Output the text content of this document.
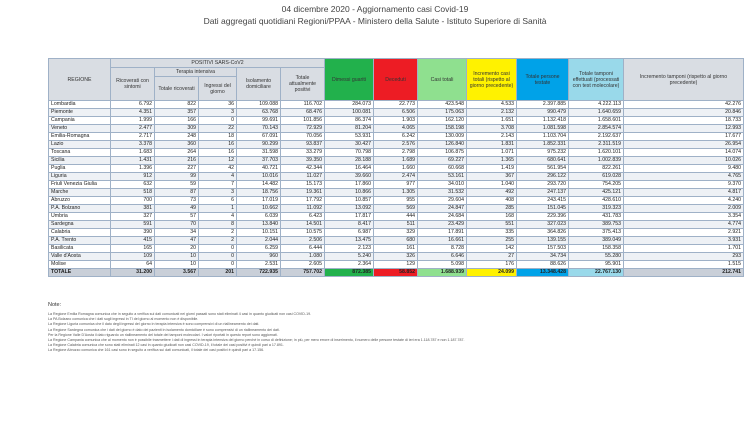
04 dicembre 2020 - Aggiornamento casi Covid-19
Dati aggregati quotidiani Regioni/PPAA - Ministero della Salute - Istituto Superiore di Sanità
REGIONE	POSITIVI SARS-CoV2					Dimessi guariti	Deceduti	Casi totali	Incremento casi totali (rispetto al giorno precedente)	Totale persone testate	Totale tamponi effettuati (processati con test molecolare)	Incremento tamponi (rispetto al giorno precedente)
	Ricoverati con sintomi	Terapia intensiva		Isolamento domiciliare	Totale attualmente positivi							
		Totale ricoverati	Ingressi del giorno									
Lombardia	6.792	822	36	109.088	116.702	284.073	22.773	423.548	4.533	2.397.885	4.222.113	42.276
Piemonte	4.351	357	3	63.768	68.476	100.081	6.506	175.063	2.132	990.479	1.640.659	20.846
Campania	1.999	166	0	99.691	101.856	86.374	1.903	162.120	1.651	1.132.418	1.658.601	18.733
Veneto	2.477	309	22	70.143	72.929	81.204	4.065	158.198	3.708	1.081.598	2.854.574	12.993
Emilia-Romagna	2.717	248	18	67.091	70.056	53.931	6.242	130.009	2.143	1.103.704	2.192.637	17.677
Lazio	3.378	360	16	90.299	93.837	30.427	2.576	126.840	1.831	1.852.331	2.311.519	26.954
Toscana	1.683	264	16	31.598	33.279	70.798	2.798	106.875	1.071	975.232	1.620.101	14.074
Sicilia	1.431	216	12	37.703	39.350	28.188	1.689	69.227	1.365	680.641	1.002.839	10.026
Puglia	1.396	227	42	40.721	42.344	16.464	1.660	60.668	1.419	561.954	822.261	9.480
Liguria	912	99	4	10.016	11.027	39.660	2.474	53.161	367	296.122	619.028	4.765
Friuli Venezia Giulia	632	59	7	14.482	15.173	17.860	977	34.010	1.040	293.720	754.205	9.370
Marche	518	87	3	18.756	19.361	10.866	1.305	31.532	492	247.137	425.121	4.817
Abruzzo	700	73	6	17.019	17.792	10.857	955	29.604	408	243.415	428.610	4.240
P.A. Bolzano	381	49	1	10.662	11.092	13.092	569	24.847	285	151.045	319.323	2.009
Umbria	327	57	4	6.039	6.423	17.817	444	24.684	168	229.396	431.783	3.354
Sardegna	591	70	8	13.840	14.501	8.417	511	23.429	551	327.023	389.753	4.774
Calabria	390	34	2	10.151	10.575	6.987	329	17.891	335	364.826	375.413	2.921
P.A. Trento	415	47	2	2.044	2.506	13.475	680	16.661	255	139.155	389.049	3.931
Basilicata	165	20	0	6.259	6.444	2.123	161	8.728	142	157.503	158.358	1.701
Valle d'Aosta	109	10	0	960	1.080	5.240	326	6.646	27	34.734	55.280	293
Molise	64	10	0	2.531	2.605	2.364	129	5.098	176	88.626	95.901	1.515
TOTALE	31.200	3.567	201	722.935	757.702	872.385	58.852	1.688.939	24.099	13.348.428	22.767.130	212.741
Note:
La Regione Emilia Romagna comunica che in seguito a verifica sui dati comunicati nei giorni passati sono stati eliminati 4 casi in quanto giudicati non casi COVID-19.
La PA Bolzano comunica che i dati sugli ingressi in TI del giorno al momento non è disponibile.
La Regione Liguria comunica che il dato degli ingressi del giorno in terapia intensiva è sono comprensivi di un riallineamento dei dati.
La Regione Sardegna comunica che i dati del giorno è dato dei pazienti in isolamento domiciliare è sono comprensivi di un riallineamento dei dati.
Per la Regione Valle D'Aosta il dato riguardo un riallineamento del totale dei tamponi molecolari. I valori riportati in questo report sono aggiornati.
La Regione Campania comunica che al momento non è possibile trasmettere i dati di ingressi in terapia intensiva del giorno perché in corso di definizione; in più, per mero errore di inserimento, il numero delle persone testate di ieri era 1.118.787 e non 1.187.787.
La Regione Calabria comunica che sono stati eliminati 12 casi in quanto giudicati non casi COVID-19, il totale dei casi positivi è quindi pari a 17.891.
La Regione Abruzzo comunica che 161 casi sono in seguito a verifica sui dati comunicati, il totale dei casi positivi è quindi pari a 17.156.
